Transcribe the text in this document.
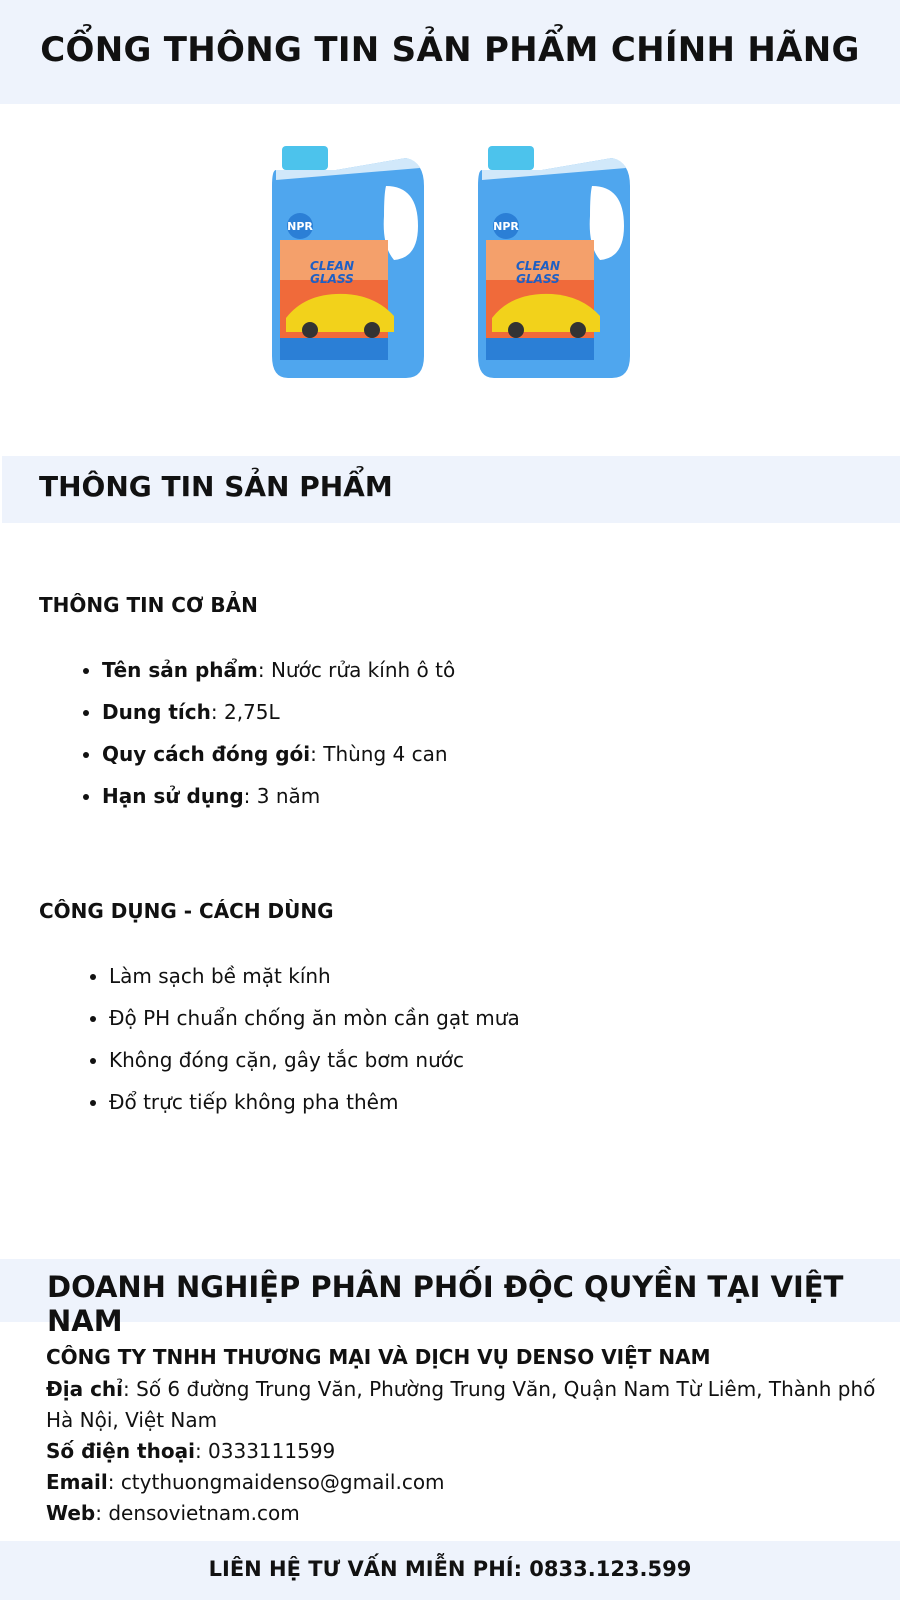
CỔNG THÔNG TIN SẢN PHẨM CHÍNH HÃNG
NPR
CLEAN
GLASS
NPR
CLEAN
GLASS
THÔNG TIN SẢN PHẨM
THÔNG TIN CƠ BẢN
• Tên sản phẩm: Nước rửa kính ô tô
• Dung tích: 2,75L
• Quy cách đóng gói: Thùng 4 can
• Hạn sử dụng: 3 năm
CÔNG DỤNG - CÁCH DÙNG
• Làm sạch bề mặt kính
• Độ PH chuẩn chống ăn mòn cần gạt mưa
• Không đóng cặn, gây tắc bơm nước
• Đổ trực tiếp không pha thêm
DOANH NGHIỆP PHÂN PHỐI ĐỘC QUYỀN TẠI VIỆT NAM
CÔNG TY TNHH THƯƠNG MẠI VÀ DỊCH VỤ DENSO VIỆT NAM
Địa chỉ: Số 6 đường Trung Văn, Phường Trung Văn, Quận Nam Từ Liêm, Thành phố Hà Nội, Việt Nam
Số điện thoại: 0333111599
Email: ctythuongmaidenso@gmail.com
Web: densovietnam.com
LIÊN HỆ TƯ VẤN MIỄN PHÍ: 0833.123.599
